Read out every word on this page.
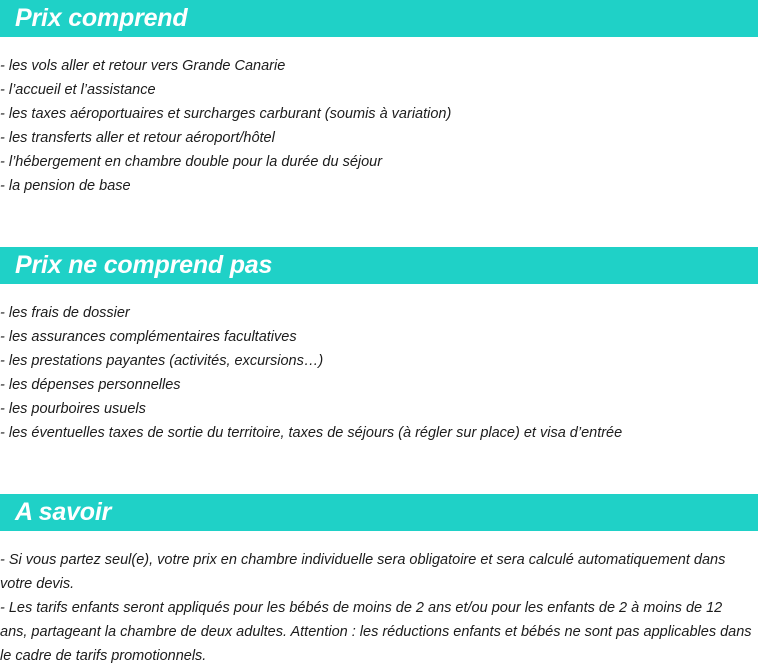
Prix comprend
- les vols aller et retour vers Grande Canarie
- l’accueil et l’assistance
- les taxes aéroportuaires et surcharges carburant (soumis à variation)
- les transferts aller et retour aéroport/hôtel
- l’hébergement en chambre double pour la durée du séjour
- la pension de base
Prix ne comprend pas
- les frais de dossier
- les assurances complémentaires facultatives
- les prestations payantes (activités, excursions…)
- les dépenses personnelles
- les pourboires usuels
- les éventuelles taxes de sortie du territoire, taxes de séjours (à régler sur place) et visa d’entrée
A savoir
- Si vous partez seul(e), votre prix en chambre individuelle sera obligatoire et sera calculé automatiquement dans votre devis.
- Les tarifs enfants seront appliqués pour les bébés de moins de 2 ans et/ou pour les enfants de 2 à moins de 12 ans, partageant la chambre de deux adultes. Attention : les réductions enfants et bébés ne sont pas applicables dans le cadre de tarifs promotionnels.
